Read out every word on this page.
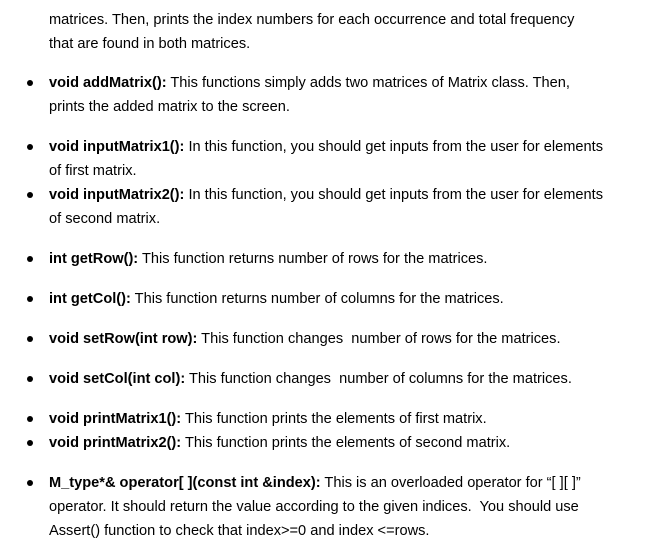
matrices. Then, prints the index numbers for each occurrence and total frequency
that are found in both matrices.
void addMatrix(): This functions simply adds two matrices of Matrix class. Then,
prints the added matrix to the screen.
void inputMatrix1(): In this function, you should get inputs from the user for elements
of first matrix.
void inputMatrix2(): In this function, you should get inputs from the user for elements
of second matrix.
int getRow(): This function returns number of rows for the matrices.
int getCol(): This function returns number of columns for the matrices.
void setRow(int row): This function changes  number of rows for the matrices.
void setCol(int col): This function changes  number of columns for the matrices.
void printMatrix1(): This function prints the elements of first matrix.
void printMatrix2(): This function prints the elements of second matrix.
M_type*& operator[ ](const int &index): This is an overloaded operator for “[ ][ ]”
operator. It should return the value according to the given indices.  You should use
Assert() function to check that index>=0 and index <=rows.
